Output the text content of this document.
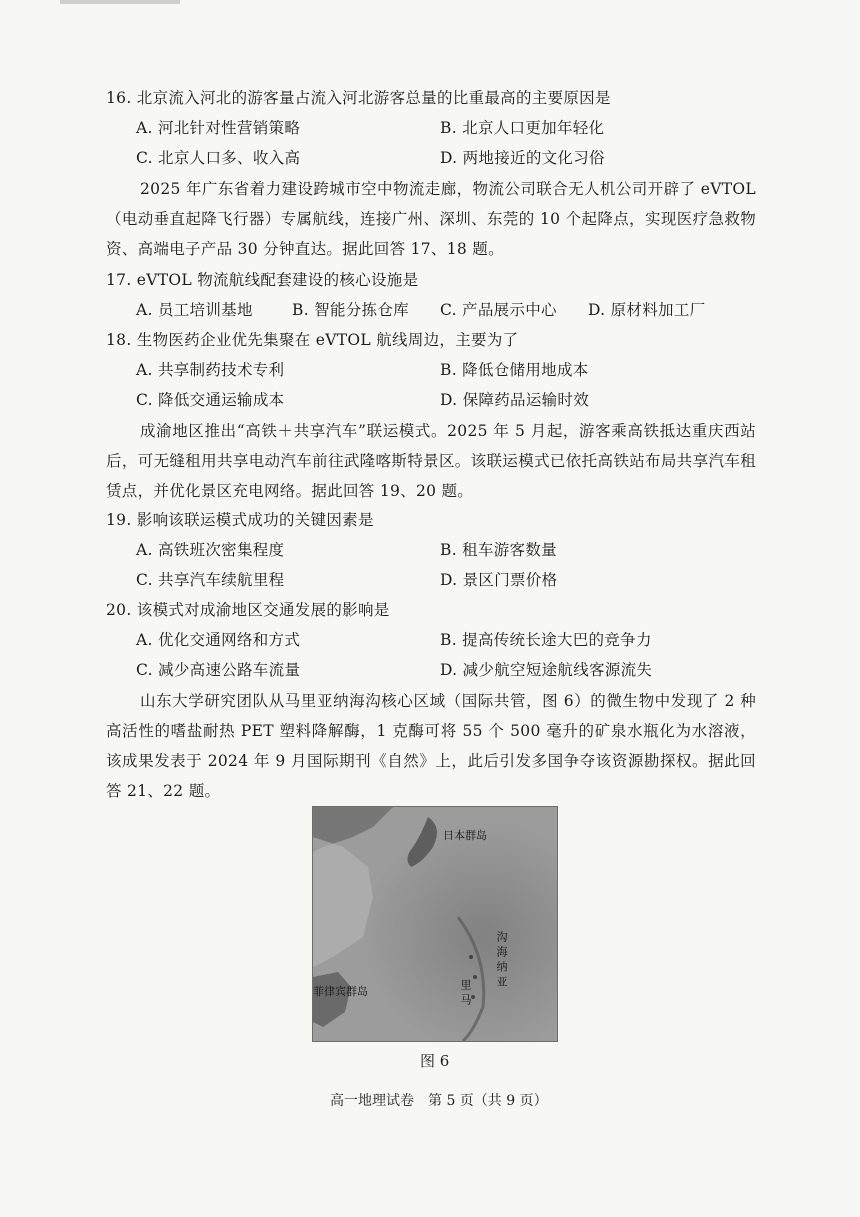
16. 北京流入河北的游客量占流入河北游客总量的比重最高的主要原因是
A. 河北针对性营销策略	B. 北京人口更加年轻化
C. 北京人口多、收入高	D. 两地接近的文化习俗
2025 年广东省着力建设跨城市空中物流走廊，物流公司联合无人机公司开辟了 eVTOL（电动垂直起降飞行器）专属航线，连接广州、深圳、东莞的 10 个起降点，实现医疗急救物资、高端电子产品 30 分钟直达。据此回答 17、18 题。
17. eVTOL 物流航线配套建设的核心设施是
A. 员工培训基地	B. 智能分拣仓库 C. 产品展示中心 D. 原材料加工厂
18. 生物医药企业优先集聚在 eVTOL 航线周边，主要为了
A. 共享制药技术专利	B. 降低仓储用地成本
C. 降低交通运输成本	D. 保障药品运输时效
成渝地区推出“高铁＋共享汽车”联运模式。2025 年 5 月起，游客乘高铁抵达重庆西站后，可无缝租用共享电动汽车前往武隆喀斯特景区。该联运模式已依托高铁站布局共享汽车租赁点，并优化景区充电网络。据此回答 19、20 题。
19. 影响该联运模式成功的关键因素是
A. 高铁班次密集程度	B. 租车游客数量
C. 共享汽车续航里程	D. 景区门票价格
20. 该模式对成渝地区交通发展的影响是
A. 优化交通网络和方式	B. 提高传统长途大巴的竞争力
C. 减少高速公路车流量	D. 减少航空短途航线客源流失
山东大学研究团队从马里亚纳海沟核心区域（国际共管，图 6）的微生物中发现了 2 种高活性的嗜盐耐热 PET 塑料降解酶，1 克酶可将 55 个 500 毫升的矿泉水瓶化为水溶液，该成果发表于 2024 年 9 月国际期刊《自然》上，此后引发多国争夺该资源勘探权。据此回答 21、22 题。
日本群岛
菲律宾群岛
沟海纳亚
里马
图 6
高一地理试卷　第 5 页（共 9 页）
